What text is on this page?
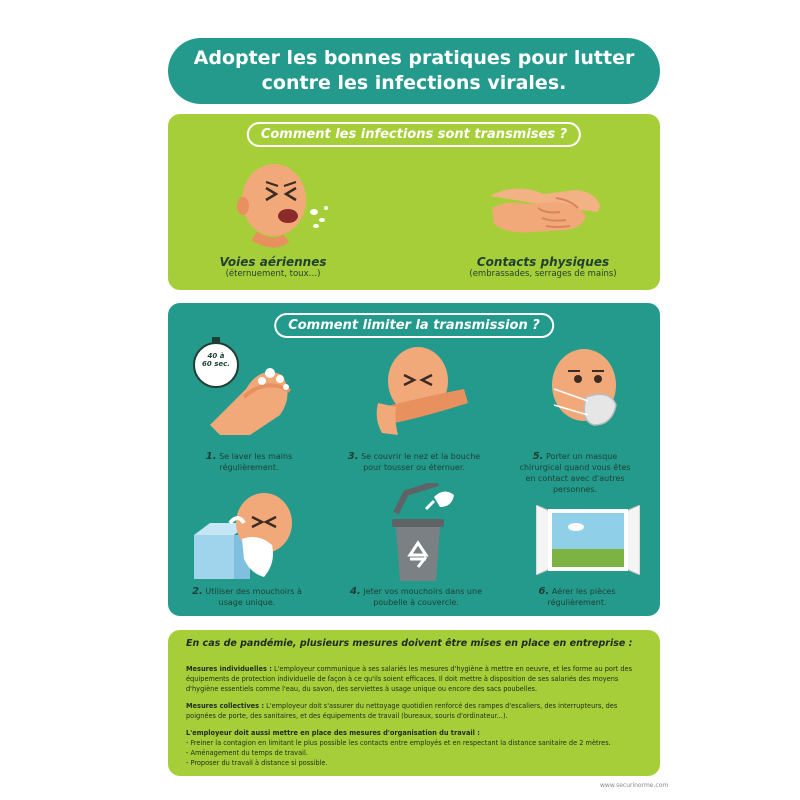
Adopter les bonnes pratiques pour lutter
contre les infections virales.
Comment les infections sont transmises ?
Voies aériennes
(éternuement, toux…)
Contacts physiques
(embrassades, serrages de mains)
Comment limiter la transmission ?
40 à
60 sec.
1. Se laver les mains régulièrement.
3. Se couvrir le nez et la bouche pour tousser ou éternuer.
5. Porter un masque chirurgical quand vous êtes en contact avec d'autres personnes.
2. Utiliser des mouchoirs à usage unique.
4. Jeter vos mouchoirs dans une poubelle à couvercle.
6. Aérer les pièces régulièrement.
En cas de pandémie, plusieurs mesures doivent être mises en place en entreprise :

Mesures individuelles : L'employeur communique à ses salariés les mesures d'hygiène à mettre en oeuvre, et les forme au port des équipements de protection individuelle de façon à ce qu'ils soient efficaces. Il doit mettre à disposition de ses salariés des moyens d'hygiène essentiels comme l'eau, du savon, des serviettes à usage unique ou encore des sacs poubelles.

Mesures collectives : L'employeur doit s'assurer du nettoyage quotidien renforcé des rampes d'escaliers, des interrupteurs, des poignées de porte, des sanitaires, et des équipements de travail (bureaux, souris d'ordinateur...).

L'employeur doit aussi mettre en place des mesures d'organisation du travail :
- Freiner la contagion en limitant le plus possible les contacts entre employés et en respectant la distance sanitaire de 2 mètres.
- Aménagement du temps de travail.
- Proposer du travail à distance si possible.
www.securinorme.com
